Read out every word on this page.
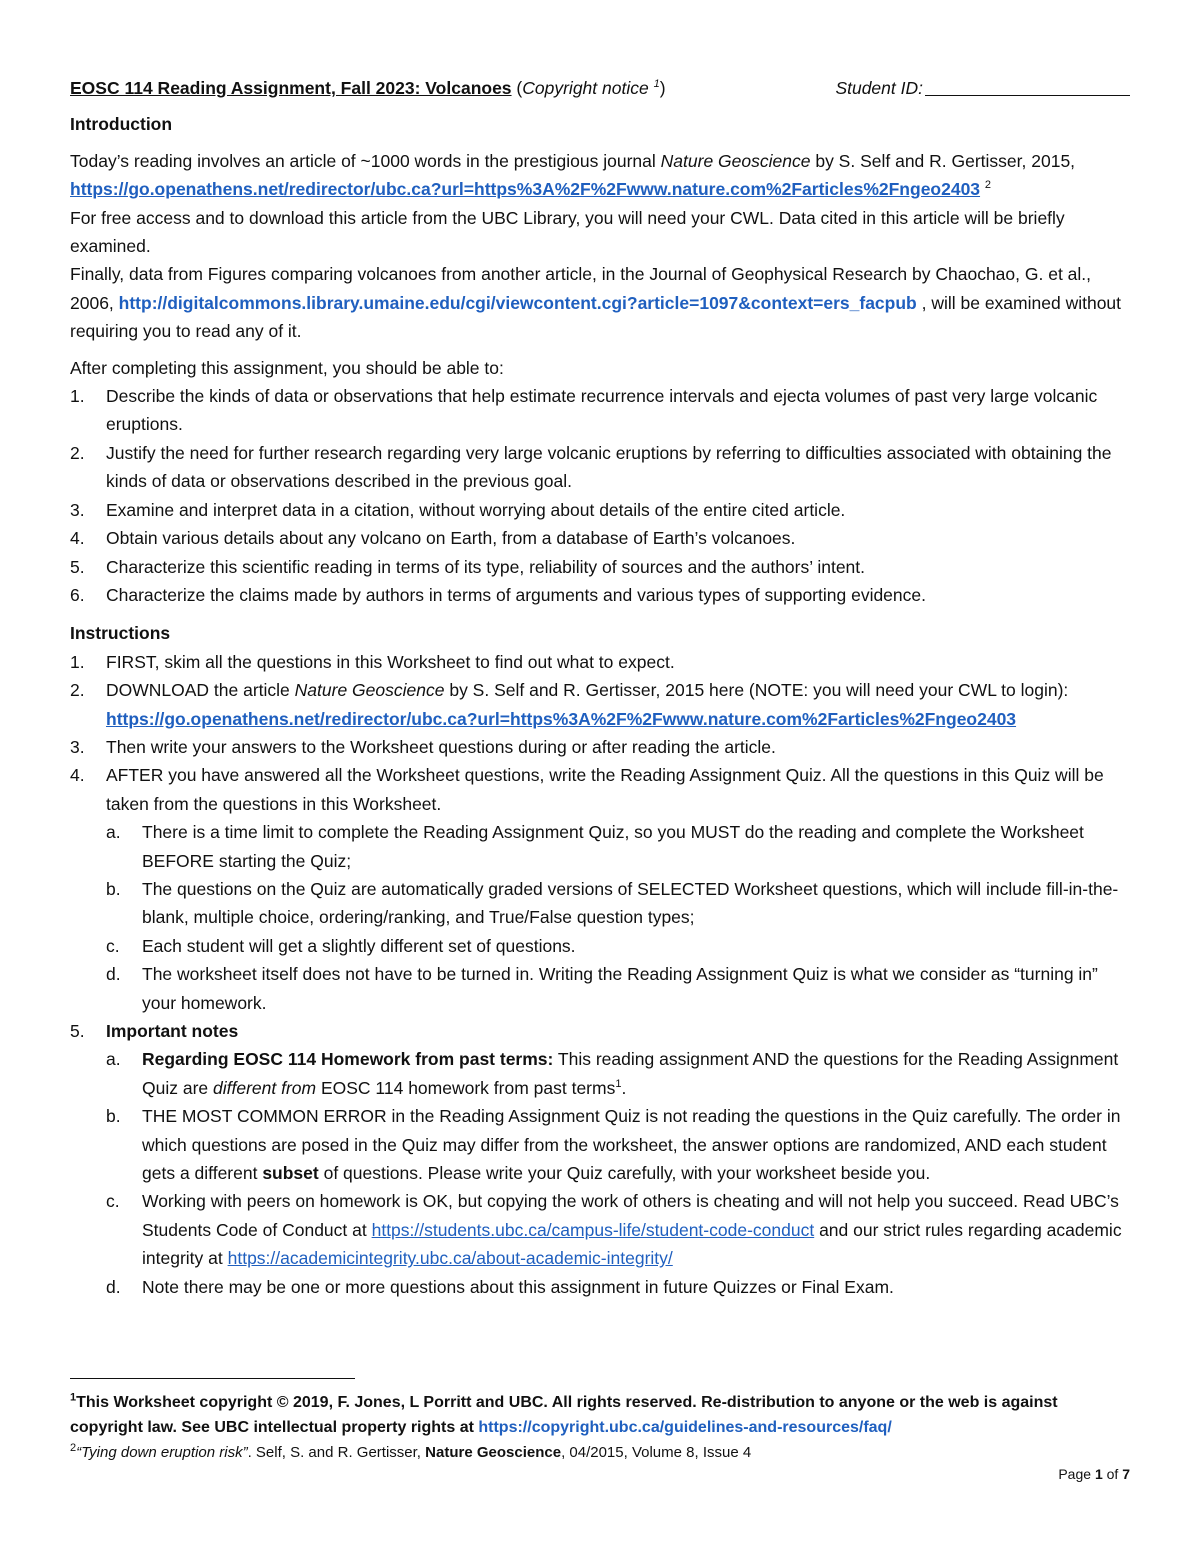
EOSC 114 Reading Assignment, Fall 2023: Volcanoes (Copyright notice $^1$)	Student ID:
Introduction

Today’s reading involves an article of ~1000 words in the prestigious journal Nature Geoscience by S. Self and R. Gertisser, 2015, https://go.openathens.net/redirector/ubc.ca?url=https%3A%2F%2Fwww.nature.com%2Farticles%2Fngeo2403 $^2$

For free access and to download this article from the UBC Library, you will need your CWL. Data cited in this article will be briefly examined.

Finally, data from Figures comparing volcanoes from another article, in the Journal of Geophysical Research by Chaochao, G. et al., 2006, http://digitalcommons.library.umaine.edu/cgi/viewcontent.cgi?article=1097&context=ers_facpub , will be examined without requiring you to read any of it.

After completing this assignment, you should be able to:

1. Describe the kinds of data or observations that help estimate recurrence intervals and ejecta volumes of past very large volcanic eruptions.
2. Justify the need for further research regarding very large volcanic eruptions by referring to difficulties associated with obtaining the kinds of data or observations described in the previous goal.
3. Examine and interpret data in a citation, without worrying about details of the entire cited article.
4. Obtain various details about any volcano on Earth, from a database of Earth’s volcanoes.
5. Characterize this scientific reading in terms of its type, reliability of sources and the authors’ intent.
6. Characterize the claims made by authors in terms of arguments and various types of supporting evidence.
Instructions
1. FIRST, skim all the questions in this Worksheet to find out what to expect.
2. DOWNLOAD the article Nature Geoscience by S. Self and R. Gertisser, 2015 here (NOTE: you will need your CWL to login): https://go.openathens.net/redirector/ubc.ca?url=https%3A%2F%2Fwww.nature.com%2Farticles%2Fngeo2403
3. Then write your answers to the Worksheet questions during or after reading the article.
4. AFTER you have answered all the Worksheet questions, write the Reading Assignment Quiz. All the questions in this Quiz will be taken from the questions in this Worksheet.
a. There is a time limit to complete the Reading Assignment Quiz, so you MUST do the reading and complete the Worksheet BEFORE starting the Quiz;
b. The questions on the Quiz are automatically graded versions of SELECTED Worksheet questions, which will include fill-in-the-blank, multiple choice, ordering/ranking, and True/False question types;
c. Each student will get a slightly different set of questions.
d. The worksheet itself does not have to be turned in. Writing the Reading Assignment Quiz is what we consider as “turning in” your homework.
5. Important notes
a. Regarding EOSC 114 Homework from past terms: This reading assignment AND the questions for the Reading Assignment Quiz are different from EOSC 114 homework from past terms$^1$.
b. THE MOST COMMON ERROR in the Reading Assignment Quiz is not reading the questions in the Quiz carefully. The order in which questions are posed in the Quiz may differ from the worksheet, the answer options are randomized, AND each student gets a different subset of questions. Please write your Quiz carefully, with your worksheet beside you.
c. Working with peers on homework is OK, but copying the work of others is cheating and will not help you succeed. Read UBC’s Students Code of Conduct at https://students.ubc.ca/campus-life/student-code-conduct and our strict rules regarding academic integrity at https://academicintegrity.ubc.ca/about-academic-integrity/
d. Note there may be one or more questions about this assignment in future Quizzes or Final Exam.

$^1$This Worksheet copyright © 2019, F. Jones, L Porritt and UBC. All rights reserved. Re-distribution to anyone or the web is against copyright law. See UBC intellectual property rights at https://copyright.ubc.ca/guidelines-and-resources/faq/

$^2$“Tying down eruption risk”. Self, S. and R. Gertisser, Nature Geoscience, 04/2015, Volume 8, Issue 4

Page 1 of 7
